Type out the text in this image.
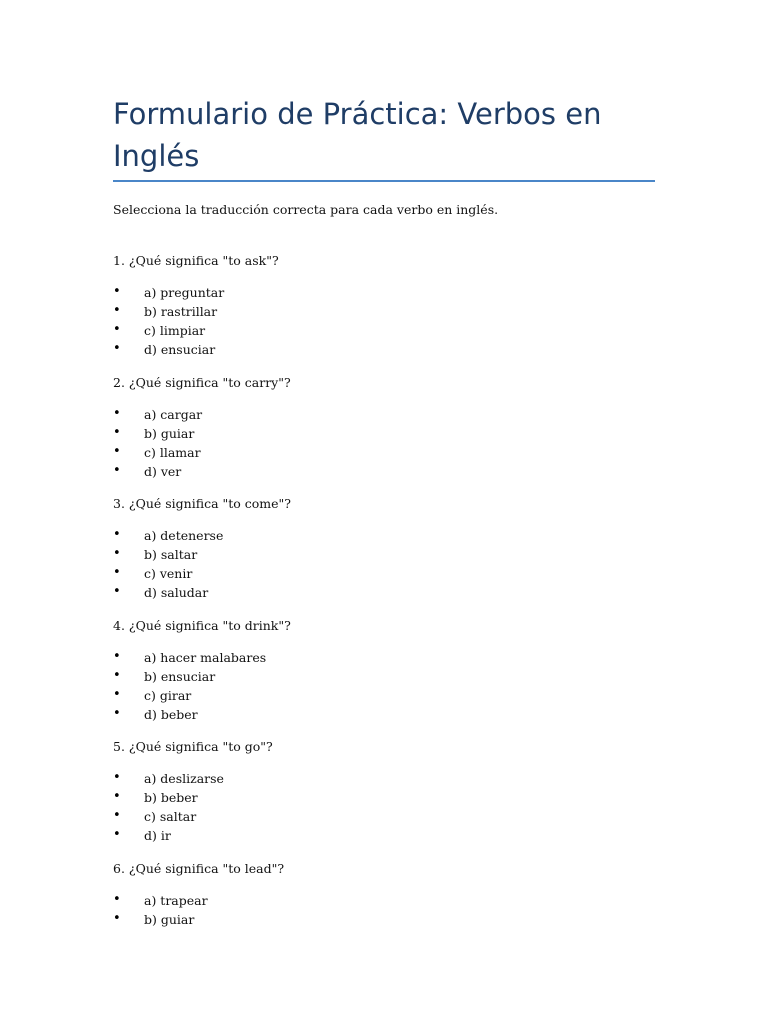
Formulario de Práctica: Verbos en Inglés

Selecciona la traducción correcta para cada verbo en inglés.

1. ¿Qué significa "to ask"?

• a) preguntar
• b) rastrillar
• c) limpiar
• d) ensuciar

2. ¿Qué significa "to carry"?

• a) cargar
• b) guiar
• c) llamar
• d) ver

3. ¿Qué significa "to come"?

• a) detenerse
• b) saltar
• c) venir
• d) saludar

4. ¿Qué significa "to drink"?

• a) hacer malabares
• b) ensuciar
• c) girar
• d) beber

5. ¿Qué significa "to go"?

• a) deslizarse
• b) beber
• c) saltar
• d) ir

6. ¿Qué significa "to lead"?

• a) trapear
• b) guiar
